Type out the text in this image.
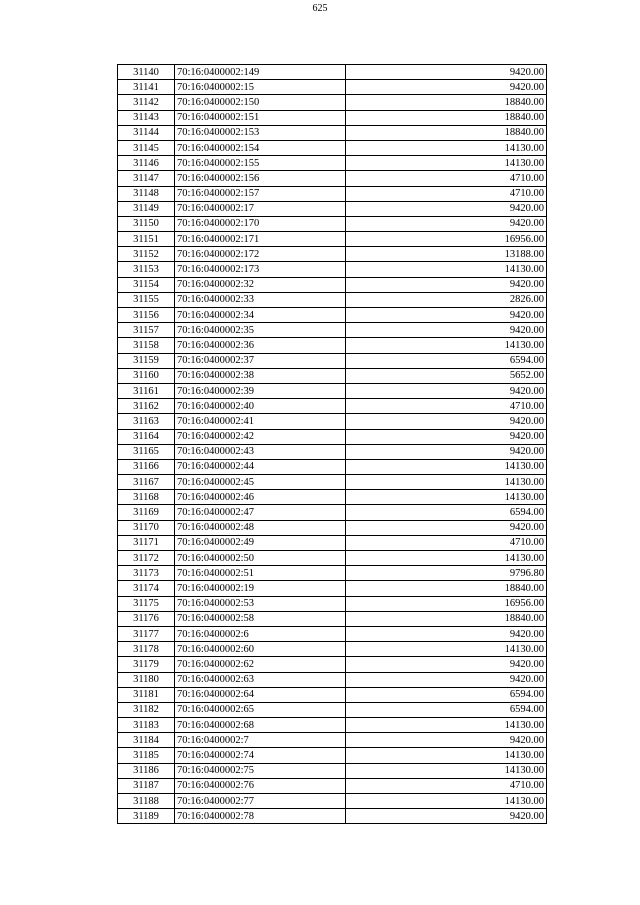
625
31140	70:16:0400002:149	9420.00
31141	70:16:0400002:15	9420.00
31142	70:16:0400002:150	18840.00
31143	70:16:0400002:151	18840.00
31144	70:16:0400002:153	18840.00
31145	70:16:0400002:154	14130.00
31146	70:16:0400002:155	14130.00
31147	70:16:0400002:156	4710.00
31148	70:16:0400002:157	4710.00
31149	70:16:0400002:17	9420.00
31150	70:16:0400002:170	9420.00
31151	70:16:0400002:171	16956.00
31152	70:16:0400002:172	13188.00
31153	70:16:0400002:173	14130.00
31154	70:16:0400002:32	9420.00
31155	70:16:0400002:33	2826.00
31156	70:16:0400002:34	9420.00
31157	70:16:0400002:35	9420.00
31158	70:16:0400002:36	14130.00
31159	70:16:0400002:37	6594.00
31160	70:16:0400002:38	5652.00
31161	70:16:0400002:39	9420.00
31162	70:16:0400002:40	4710.00
31163	70:16:0400002:41	9420.00
31164	70:16:0400002:42	9420.00
31165	70:16:0400002:43	9420.00
31166	70:16:0400002:44	14130.00
31167	70:16:0400002:45	14130.00
31168	70:16:0400002:46	14130.00
31169	70:16:0400002:47	6594.00
31170	70:16:0400002:48	9420.00
31171	70:16:0400002:49	4710.00
31172	70:16:0400002:50	14130.00
31173	70:16:0400002:51	9796.80
31174	70:16:0400002:19	18840.00
31175	70:16:0400002:53	16956.00
31176	70:16:0400002:58	18840.00
31177	70:16:0400002:6	9420.00
31178	70:16:0400002:60	14130.00
31179	70:16:0400002:62	9420.00
31180	70:16:0400002:63	9420.00
31181	70:16:0400002:64	6594.00
31182	70:16:0400002:65	6594.00
31183	70:16:0400002:68	14130.00
31184	70:16:0400002:7	9420.00
31185	70:16:0400002:74	14130.00
31186	70:16:0400002:75	14130.00
31187	70:16:0400002:76	4710.00
31188	70:16:0400002:77	14130.00
31189	70:16:0400002:78	9420.00
